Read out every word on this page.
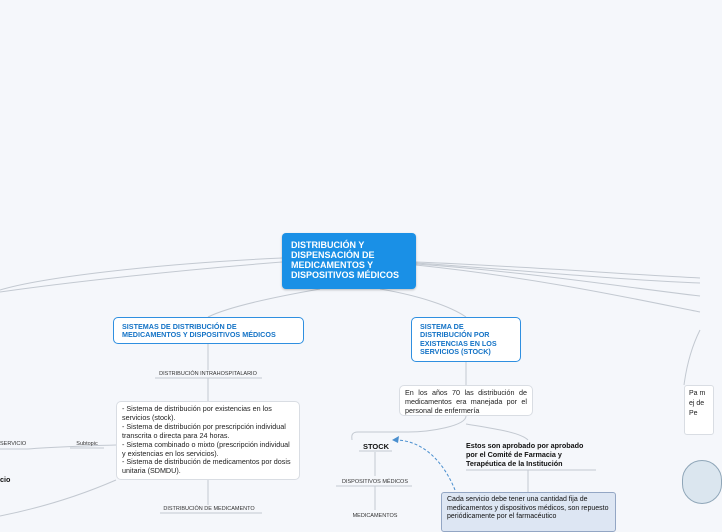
DISTRIBUCIÓN Y DISPENSACIÓN DE MEDICAMENTOS Y DISPOSITIVOS MÉDICOS
SISTEMAS DE DISTRIBUCIÓN DE MEDICAMENTOS Y DISPOSITIVOS MÉDICOS
SISTEMA DE DISTRIBUCIÓN POR EXISTENCIAS EN LOS SERVICIOS (STOCK)
DISTRIBUCIÓN INTRAHOSPITALARIO
- Sistema de distribución por existencias en los servicios (stock).
- Sistema de distribución por prescripción individual transcrita o directa para 24 horas.
- Sistema combinado o mixto (prescripción individual y existencias en los servicios).
- Sistema de distribución de medicamentos por dosis unitaria (SDMDU).
DISTRIBUCIÓN DE MEDICAMENTO
SERVICIO	Subtopic
cio
En los años 70 las distribución de medicamentos era manejada por el personal de enfermería
STOCK
DISPOSITIVOS MÉDICOS
MEDICAMENTOS
Estos son aprobado por aprobado por el Comité de Farmacia y Terapéutica de la Institución
Cada servicio debe tener una cantidad fija de medicamentos y dispositivos médicos, son repuesto periódicamente por el farmacéutico
Pa m ej de Pe
